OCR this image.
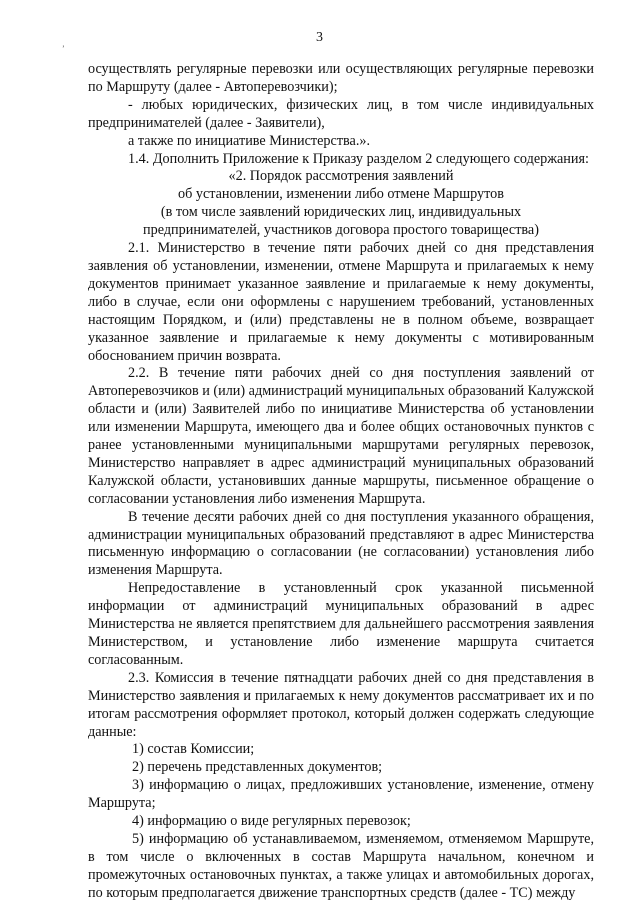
3
’

осуществлять регулярные перевозки или осуществляющих регулярные перевозки по Маршруту (далее - Автоперевозчики);

- любых юридических, физических лиц, в том числе индивидуальных предпринимателей (далее - Заявители),

а также по инициативе Министерства.».

1.4. Дополнить Приложение к Приказу разделом 2 следующего содержания:

«2. Порядок рассмотрения заявлений

об установлении, изменении либо отмене Маршрутов

(в том числе заявлений юридических лиц, индивидуальных

предпринимателей, участников договора простого товарищества)

2.1. Министерство в течение пяти рабочих дней со дня представления заявления об установлении, изменении, отмене Маршрута и прилагаемых к нему документов принимает указанное заявление и прилагаемые к нему документы, либо в случае, если они оформлены с нарушением требований, установленных настоящим Порядком, и (или) представлены не в полном объеме, возвращает указанное заявление и прилагаемые к нему документы с мотивированным обоснованием причин возврата.

2.2. В течение пяти рабочих дней со дня поступления заявлений от Автоперевозчиков и (или) администраций муниципальных образований Калужской области и (или) Заявителей либо по инициативе Министерства об установлении или изменении Маршрута, имеющего два и более общих остановочных пунктов с ранее установленными муниципальными маршрутами регулярных перевозок, Министерство направляет в адрес администраций муниципальных образований Калужской области, установивших данные маршруты, письменное обращение о согласовании установления либо изменения Маршрута.

В течение десяти рабочих дней со дня поступления указанного обращения, администрации муниципальных образований представляют в адрес Министерства письменную информацию о согласовании (не согласовании) установления либо изменения Маршрута.

Непредоставление в установленный срок указанной письменной информации от администраций муниципальных образований в адрес Министерства не является препятствием для дальнейшего рассмотрения заявления Министерством, и установление либо изменение маршрута считается согласованным.

2.3. Комиссия в течение пятнадцати рабочих дней со дня представления в Министерство заявления и прилагаемых к нему документов рассматривает их и по итогам рассмотрения оформляет протокол, который должен содержать следующие данные:

1) состав Комиссии;

2) перечень представленных документов;

3) информацию о лицах, предложивших установление, изменение, отмену Маршрута;

4) информацию о виде регулярных перевозок;

5) информацию об устанавливаемом, изменяемом, отменяемом Маршруте, в том числе о включенных в состав Маршрута начальном, конечном и промежуточных остановочных пунктах, а также улицах и автомобильных дорогах, по которым предполагается движение транспортных средств (далее - ТС) между
